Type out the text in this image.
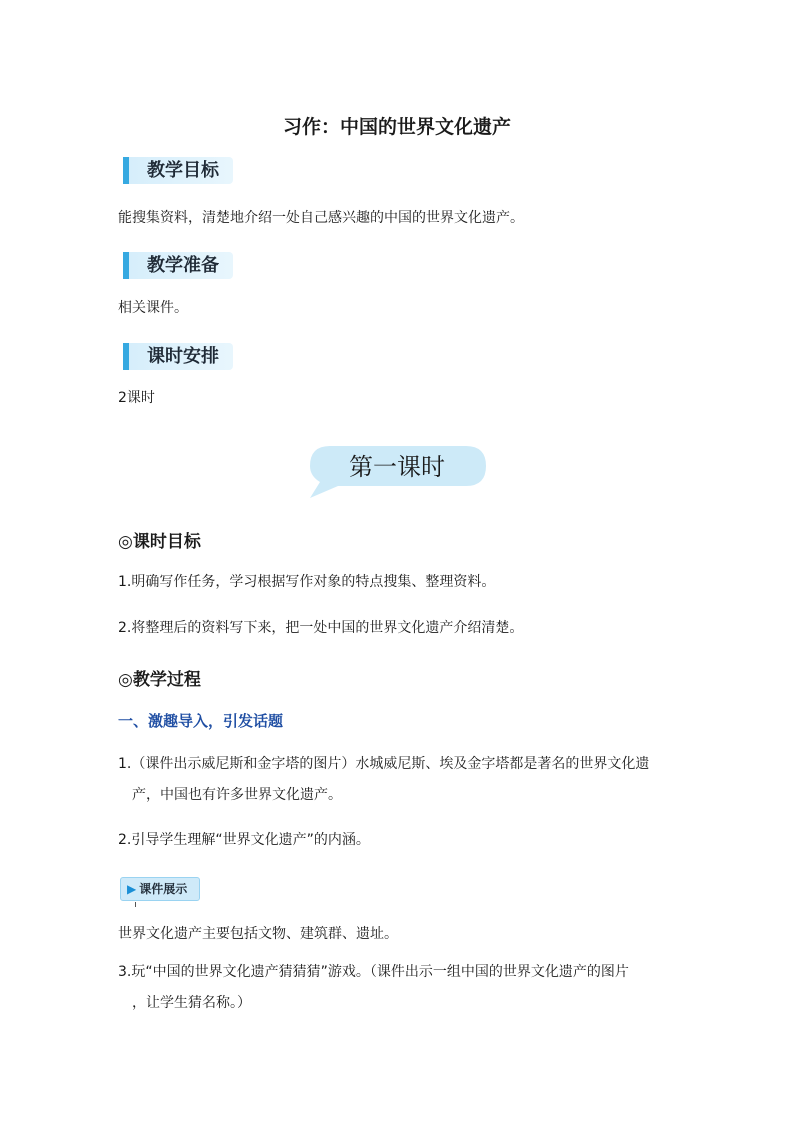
习作：中国的世界文化遗产
教学目标
能搜集资料，清楚地介绍一处自己感兴趣的中国的世界文化遗产。
教学准备
相关课件。
课时安排
2课时
第一课时
◎课时目标
1.明确写作任务，学习根据写作对象的特点搜集、整理资料。
2.将整理后的资料写下来，把一处中国的世界文化遗产介绍清楚。
◎教学过程
一、激趣导入，引发话题
1.（课件出示威尼斯和金字塔的图片）水城威尼斯、埃及金字塔都是著名的世界文化遗
产，中国也有许多世界文化遗产。
2.引导学生理解“世界文化遗产”的内涵。
▶ 课件展示
世界文化遗产主要包括文物、建筑群、遗址。
3.玩“中国的世界文化遗产猜猜猜”游戏。（课件出示一组中国的世界文化遗产的图片
，让学生猜名称。）
